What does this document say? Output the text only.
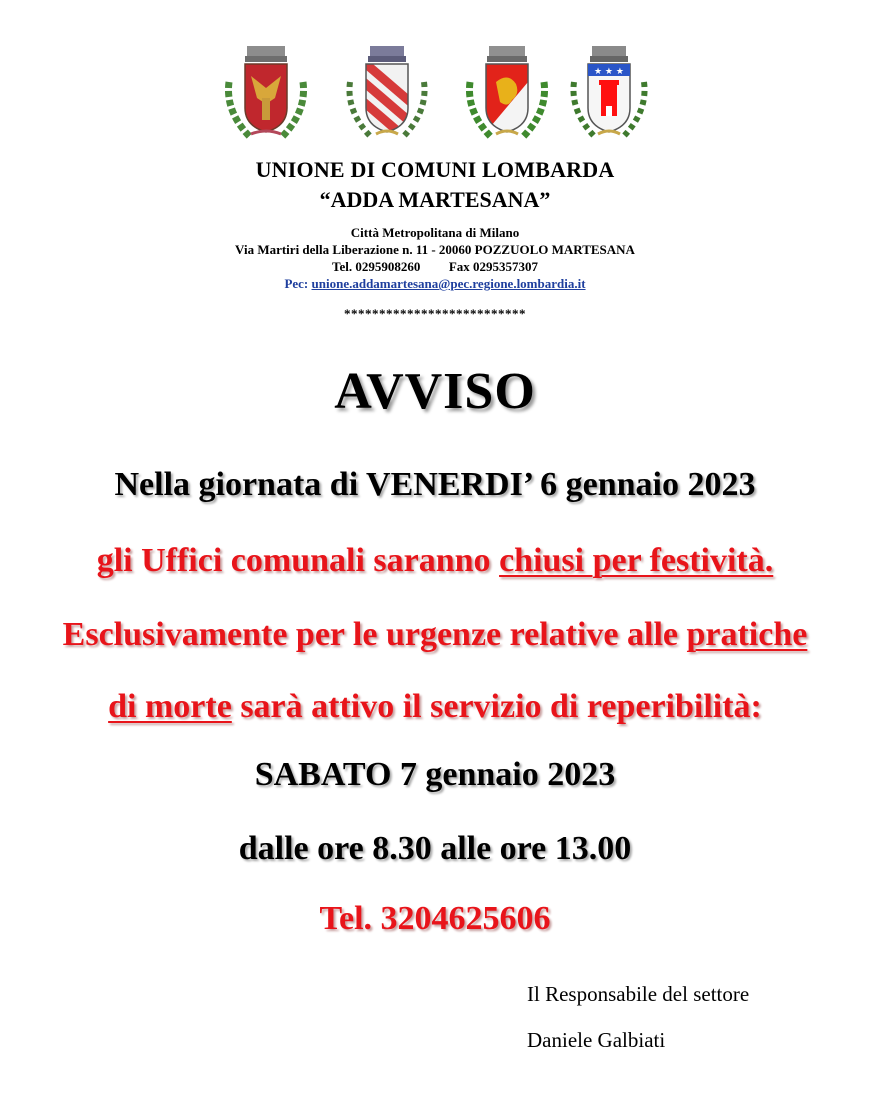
★ ★ ★
UNIONE DI COMUNI LOMBARDA
“ADDA MARTESANA”
Città Metropolitana di Milano
Via Martiri della Liberazione n. 11 - 20060 POZZUOLO MARTESANA
Tel. 0295908260 Fax 0295357307
Pec: unione.addamartesana@pec.regione.lombardia.it
**************************
AVVISO
Nella giornata di VENERDI’ 6 gennaio 2023
gli Uffici comunali saranno chiusi per festività.
Esclusivamente per le urgenze relative alle pratiche
di morte sarà attivo il servizio di reperibilità:
SABATO 7 gennaio 2023
dalle ore 8.30 alle ore 13.00
Tel. 3204625606
Il Responsabile del settore
Daniele Galbiati
